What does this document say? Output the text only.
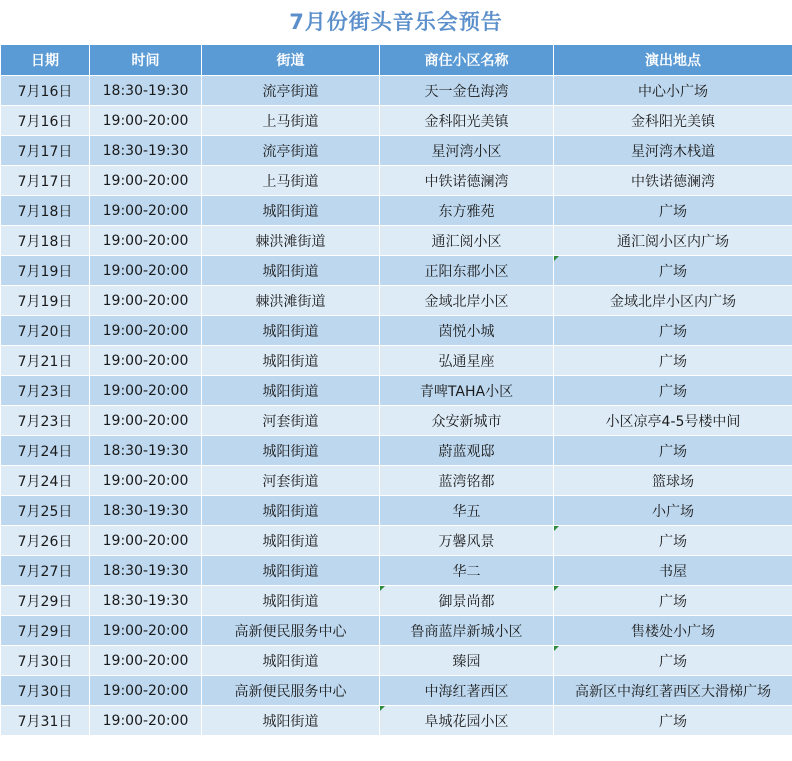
7月份街头音乐会预告
日期	时间	街道	商住小区名称	演出地点
7月16日	18:30-19:30	流亭街道	天一金色海湾	中心小广场
7月16日	19:00-20:00	上马街道	金科阳光美镇	金科阳光美镇
7月17日	18:30-19:30	流亭街道	星河湾小区	星河湾木栈道
7月17日	19:00-20:00	上马街道	中铁诺德澜湾	中铁诺德澜湾
7月18日	19:00-20:00	城阳街道	东方雅苑	广场
7月18日	19:00-20:00	棘洪滩街道	通汇阅小区	通汇阅小区内广场
7月19日	19:00-20:00	城阳街道	正阳东郡小区	广场
7月19日	19:00-20:00	棘洪滩街道	金域北岸小区	金域北岸小区内广场
7月20日	19:00-20:00	城阳街道	茵悦小城	广场
7月21日	19:00-20:00	城阳街道	弘通星座	广场
7月23日	19:00-20:00	城阳街道	青啤TAHA小区	广场
7月23日	19:00-20:00	河套街道	众安新城市	小区凉亭4-5号楼中间
7月24日	18:30-19:30	城阳街道	蔚蓝观邸	广场
7月24日	19:00-20:00	河套街道	蓝湾铭都	篮球场
7月25日	18:30-19:30	城阳街道	华五	小广场
7月26日	19:00-20:00	城阳街道	万馨风景	广场
7月27日	18:30-19:30	城阳街道	华二	书屋
7月29日	18:30-19:30	城阳街道	御景尚都	广场
7月29日	19:00-20:00	高新便民服务中心	鲁商蓝岸新城小区	售楼处小广场
7月30日	19:00-20:00	城阳街道	臻园	广场
7月30日	19:00-20:00	高新便民服务中心	中海红著西区	高新区中海红著西区大滑梯广场
7月31日	19:00-20:00	城阳街道	阜城花园小区	广场
